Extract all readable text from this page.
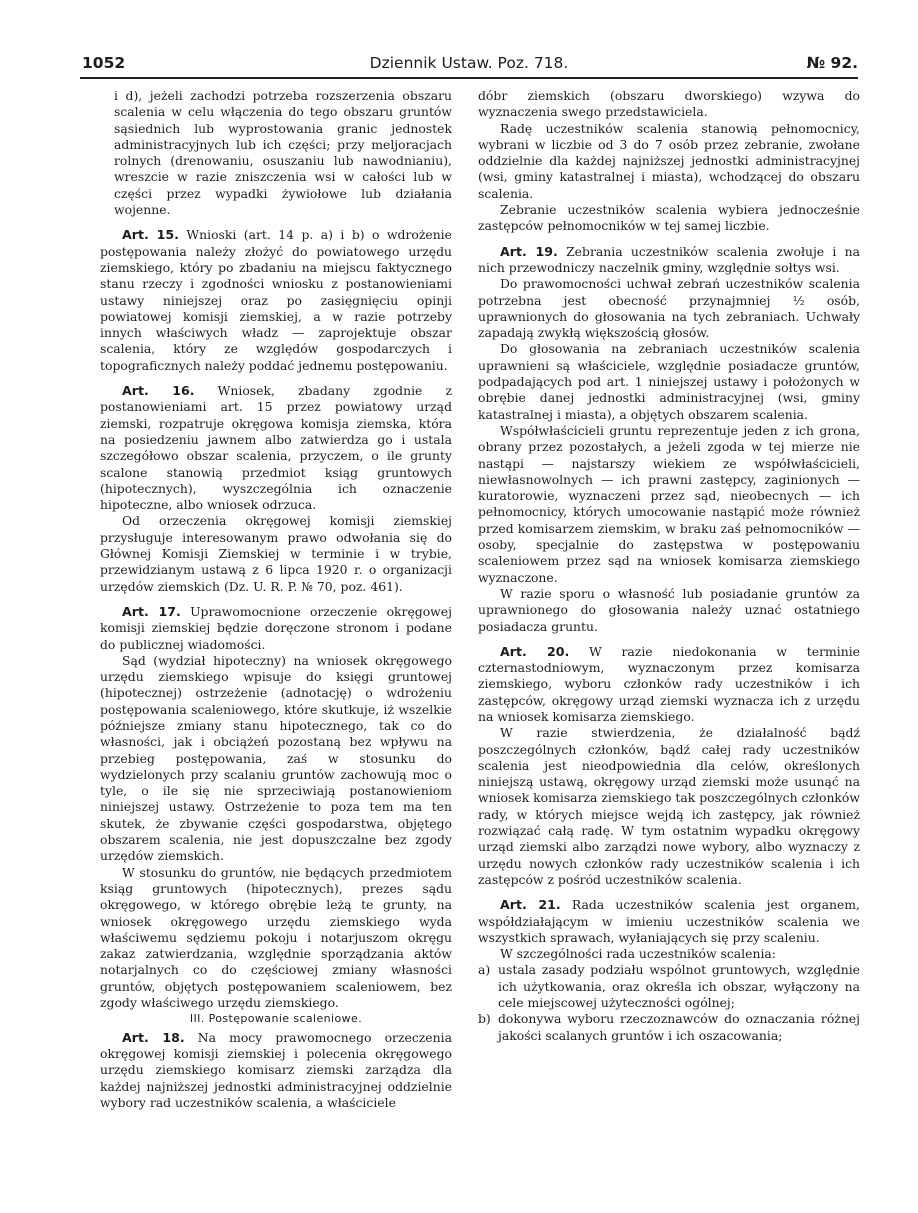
1052	Dziennik Ustaw. Poz. 718.	№ 92.

i d), jeżeli zachodzi potrzeba rozszerzenia obszaru scalenia w celu włączenia do tego obszaru gruntów sąsiednich lub wyprostowania granic jednostek administracyjnych lub ich części; przy meljoracjach rolnych (drenowaniu, osuszaniu lub nawodnianiu), wreszcie w razie zniszczenia wsi w całości lub w części przez wypadki żywiołowe lub działania wojenne.

Art. 15. Wnioski (art. 14 p. a) i b) o wdrożenie postępowania należy złożyć do powiatowego urzędu ziemskiego, który po zbadaniu na miejscu faktycznego stanu rzeczy i zgodności wniosku z postanowieniami ustawy niniejszej oraz po zasięgnięciu opinji powiatowej komisji ziemskiej, a w razie potrzeby innych właściwych władz — zaprojektuje obszar scalenia, który ze względów gospodarczych i topograficznych należy poddać jednemu postępowaniu.

Art. 16. Wniosek, zbadany zgodnie z postanowieniami art. 15 przez powiatowy urząd ziemski, rozpatruje okręgowa komisja ziemska, która na posiedzeniu jawnem albo zatwierdza go i ustala szczegółowo obszar scalenia, przyczem, o ile grunty scalone stanowią przedmiot ksiąg gruntowych (hipotecznych), wyszczególnia ich oznaczenie hipoteczne, albo wniosek odrzuca.

Od orzeczenia okręgowej komisji ziemskiej przysługuje interesowanym prawo odwołania się do Głównej Komisji Ziemskiej w terminie i w trybie, przewidzianym ustawą z 6 lipca 1920 r. o organizacji urzędów ziemskich (Dz. U. R. P. № 70, poz. 461).

Art. 17. Uprawomocnione orzeczenie okręgowej komisji ziemskiej będzie doręczone stronom i podane do publicznej wiadomości.

Sąd (wydział hipoteczny) na wniosek okręgowego urzędu ziemskiego wpisuje do księgi gruntowej (hipotecznej) ostrzeżenie (adnotację) o wdrożeniu postępowania scaleniowego, które skutkuje, iż wszelkie późniejsze zmiany stanu hipotecznego, tak co do własności, jak i obciążeń pozostaną bez wpływu na przebieg postępowania, zaś w stosunku do wydzielonych przy scalaniu gruntów zachowują moc o tyle, o ile się nie sprzeciwiają postanowieniom niniejszej ustawy. Ostrzeżenie to poza tem ma ten skutek, że zbywanie części gospodarstwa, objętego obszarem scalenia, nie jest dopuszczalne bez zgody urzędów ziemskich.

W stosunku do gruntów, nie będących przedmiotem ksiąg gruntowych (hipotecznych), prezes sądu okręgowego, w którego obrębie leżą te grunty, na wniosek okręgowego urzędu ziemskiego wyda właściwemu sędziemu pokoju i notarjuszom okręgu zakaz zatwierdzania, względnie sporządzania aktów notarjalnych co do częściowej zmiany własności gruntów, objętych postępowaniem scaleniowem, bez zgody właściwego urzędu ziemskiego.

III. Postępowanie scaleniowe.

Art. 18. Na mocy prawomocnego orzeczenia okręgowej komisji ziemskiej i polecenia okręgowego urzędu ziemskiego komisarz ziemski zarządza dla każdej najniższej jednostki administracyjnej oddzielnie wybory rad uczestników scalenia, a właściciele

dóbr ziemskich (obszaru dworskiego) wzywa do wyznaczenia swego przedstawiciela.

Radę uczestników scalenia stanowią pełnomocnicy, wybrani w liczbie od 3 do 7 osób przez zebranie, zwołane oddzielnie dla każdej najniższej jednostki administracyjnej (wsi, gminy katastralnej i miasta), wchodzącej do obszaru scalenia.

Zebranie uczestników scalenia wybiera jednocześnie zastępców pełnomocników w tej samej liczbie.

Art. 19. Zebrania uczestników scalenia zwołuje i na nich przewodniczy naczelnik gminy, względnie sołtys wsi.

Do prawomocności uchwał zebrań uczestników scalenia potrzebna jest obecność przynajmniej ½ osób, uprawnionych do głosowania na tych zebraniach. Uchwały zapadają zwykłą większością głosów.

Do głosowania na zebraniach uczestników scalenia uprawnieni są właściciele, względnie posiadacze gruntów, podpadających pod art. 1 niniejszej ustawy i położonych w obrębie danej jednostki administracyjnej (wsi, gminy katastralnej i miasta), a objętych obszarem scalenia.

Współwłaścicieli gruntu reprezentuje jeden z ich grona, obrany przez pozostałych, a jeżeli zgoda w tej mierze nie nastąpi — najstarszy wiekiem ze współwłaścicieli, niewłasnowolnych — ich prawni zastępcy, zaginionych — kuratorowie, wyznaczeni przez sąd, nieobecnych — ich pełnomocnicy, których umocowanie nastąpić może również przed komisarzem ziemskim, w braku zaś pełnomocników — osoby, specjalnie do zastępstwa w postępowaniu scaleniowem przez sąd na wniosek komisarza ziemskiego wyznaczone.

W razie sporu o własność lub posiadanie gruntów za uprawnionego do głosowania należy uznać ostatniego posiadacza gruntu.

Art. 20. W razie niedokonania w terminie czternastodniowym, wyznaczonym przez komisarza ziemskiego, wyboru członków rady uczestników i ich zastępców, okręgowy urząd ziemski wyznacza ich z urzędu na wniosek komisarza ziemskiego.

W razie stwierdzenia, że działalność bądź poszczególnych członków, bądź całej rady uczestników scalenia jest nieodpowiednia dla celów, określonych niniejszą ustawą, okręgowy urząd ziemski może usunąć na wniosek komisarza ziemskiego tak poszczególnych członków rady, w których miejsce wejdą ich zastępcy, jak również rozwiązać całą radę. W tym ostatnim wypadku okręgowy urząd ziemski albo zarządzi nowe wybory, albo wyznaczy z urzędu nowych członków rady uczestników scalenia i ich zastępców z pośród uczestników scalenia.

Art. 21. Rada uczestników scalenia jest organem, współdziałającym w imieniu uczestników scalenia we wszystkich sprawach, wyłaniających się przy scaleniu.

W szczególności rada uczestników scalenia:

a) ustala zasady podziału wspólnot gruntowych, względnie ich użytkowania, oraz określa ich obszar, wyłączony na cele miejscowej użyteczności ogólnej;
b) dokonywa wyboru rzeczoznawców do oznaczania różnej jakości scalanych gruntów i ich oszacowania;
